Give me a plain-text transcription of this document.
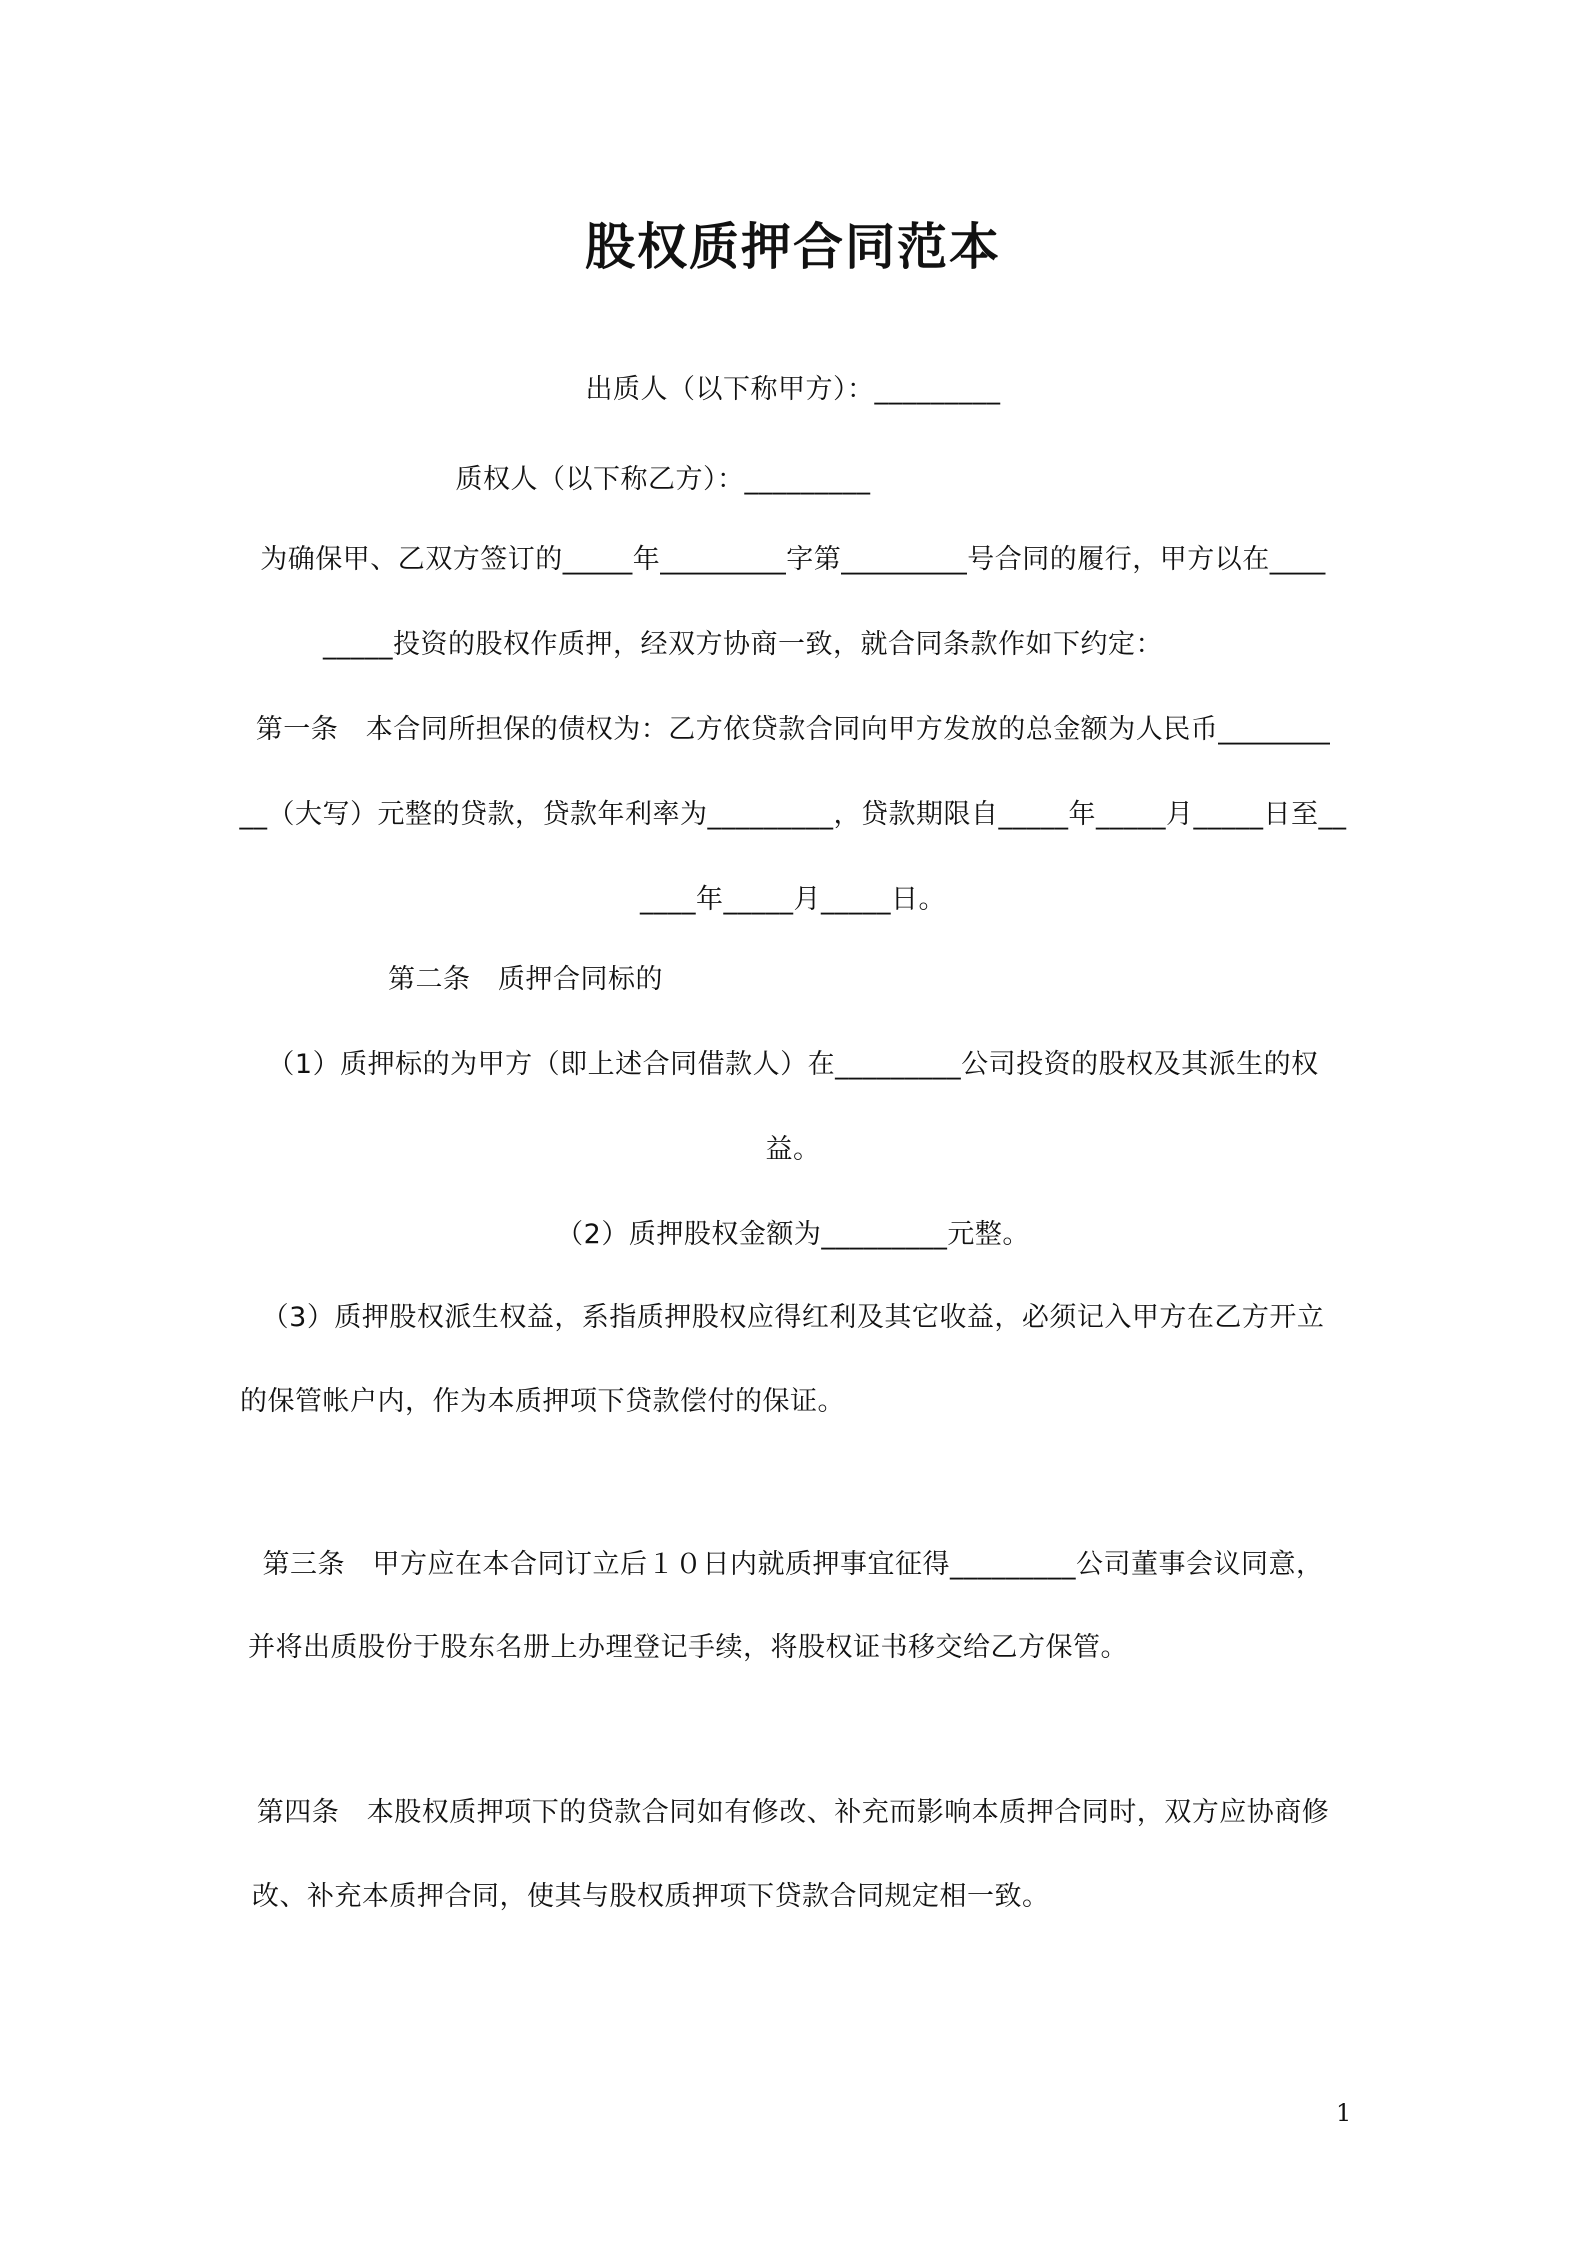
股权质押合同范本
出质人（以下称甲方）：_________
质权人（以下称乙方）：_________
为确保甲、乙双方签订的_____年_________字第_________号合同的履行，甲方以在____
_____投资的股权作质押，经双方协商一致，就合同条款作如下约定：
第一条　本合同所担保的债权为：乙方依贷款合同向甲方发放的总金额为人民币________
__（大写）元整的贷款，贷款年利率为_________，贷款期限自_____年_____月_____日至__
____年_____月_____日。
第二条　质押合同标的
（1）质押标的为甲方（即上述合同借款人）在_________公司投资的股权及其派生的权
益。
（2）质押股权金额为_________元整。
（3）质押股权派生权益，系指质押股权应得红利及其它收益，必须记入甲方在乙方开立
的保管帐户内，作为本质押项下贷款偿付的保证。
第三条　甲方应在本合同订立后１０日内就质押事宜征得_________公司董事会议同意，
并将出质股份于股东名册上办理登记手续，将股权证书移交给乙方保管。
第四条　本股权质押项下的贷款合同如有修改、补充而影响本质押合同时，双方应协商修
改、补充本质押合同，使其与股权质押项下贷款合同规定相一致。
1
